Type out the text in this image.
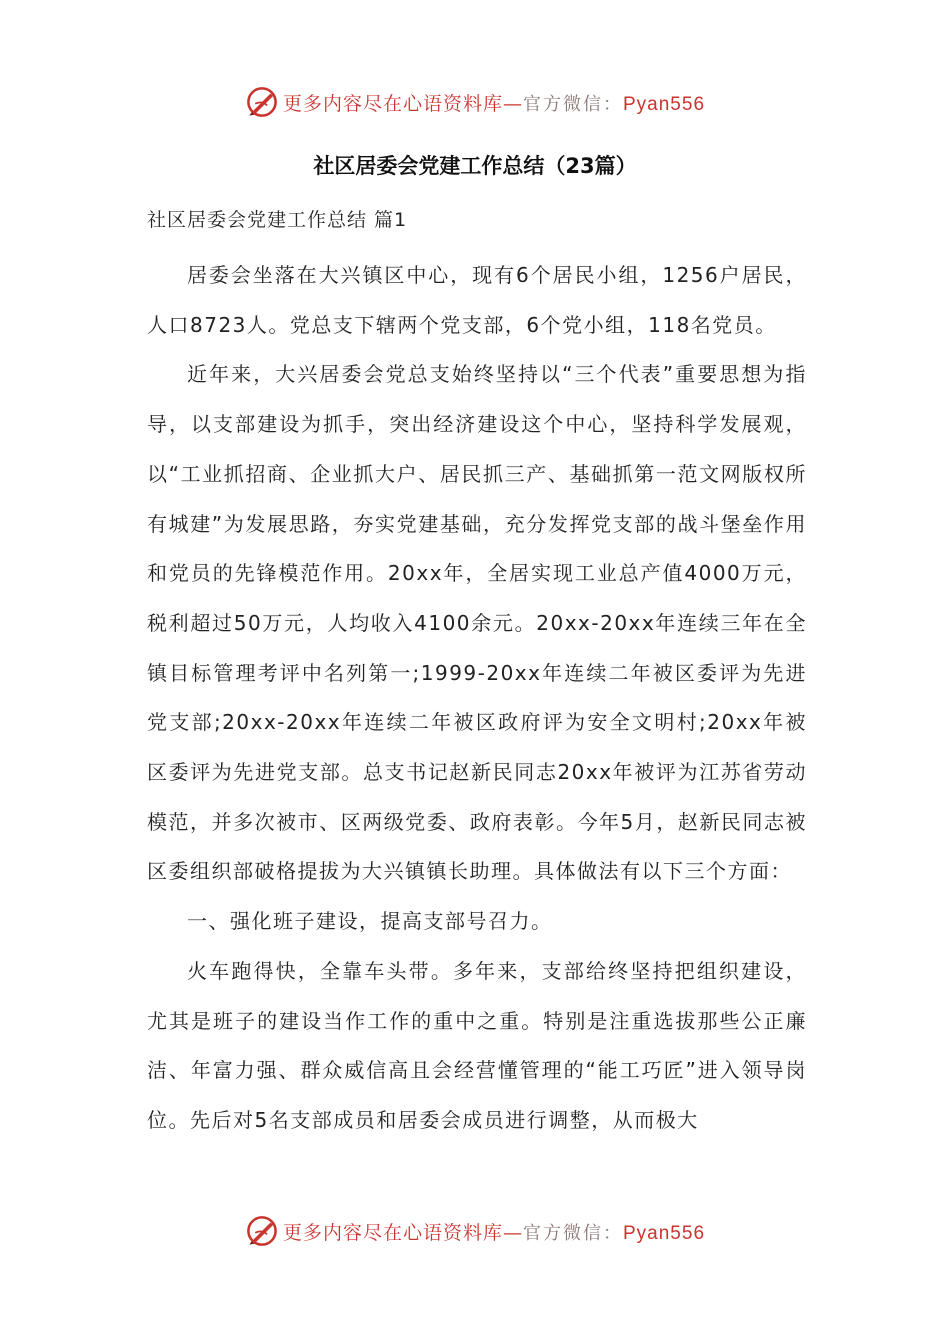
更多内容尽在心语资料库—官方微信：Pyan556
社区居委会党建工作总结（23篇）
社区居委会党建工作总结 篇1

居委会坐落在大兴镇区中心，现有6个居民小组，1256户居民，人口8723人。党总支下辖两个党支部，6个党小组，118名党员。

近年来，大兴居委会党总支始终坚持以“三个代表”重要思想为指导，以支部建设为抓手，突出经济建设这个中心，坚持科学发展观，以“工业抓招商、企业抓大户、居民抓三产、基础抓第一范文网版权所有城建”为发展思路，夯实党建基础，充分发挥党支部的战斗堡垒作用和党员的先锋模范作用。20xx年，全居实现工业总产值4000万元，税利超过50万元，人均收入4100余元。20xx-20xx年连续三年在全镇目标管理考评中名列第一;1999-20xx年连续二年被区委评为先进党支部;20xx-20xx年连续二年被区政府评为安全文明村;20xx年被区委评为先进党支部。总支书记赵新民同志20xx年被评为江苏省劳动模范，并多次被市、区两级党委、政府表彰。今年5月，赵新民同志被区委组织部破格提拔为大兴镇镇长助理。具体做法有以下三个方面：

一、强化班子建设，提高支部号召力。

火车跑得快，全靠车头带。多年来，支部给终坚持把组织建设，尤其是班子的建设当作工作的重中之重。特别是注重选拔那些公正廉洁、年富力强、群众威信高且会经营懂管理的“能工巧匠”进入领导岗位。先后对5名支部成员和居委会成员进行调整，从而极大

更多内容尽在心语资料库—官方微信：Pyan556
